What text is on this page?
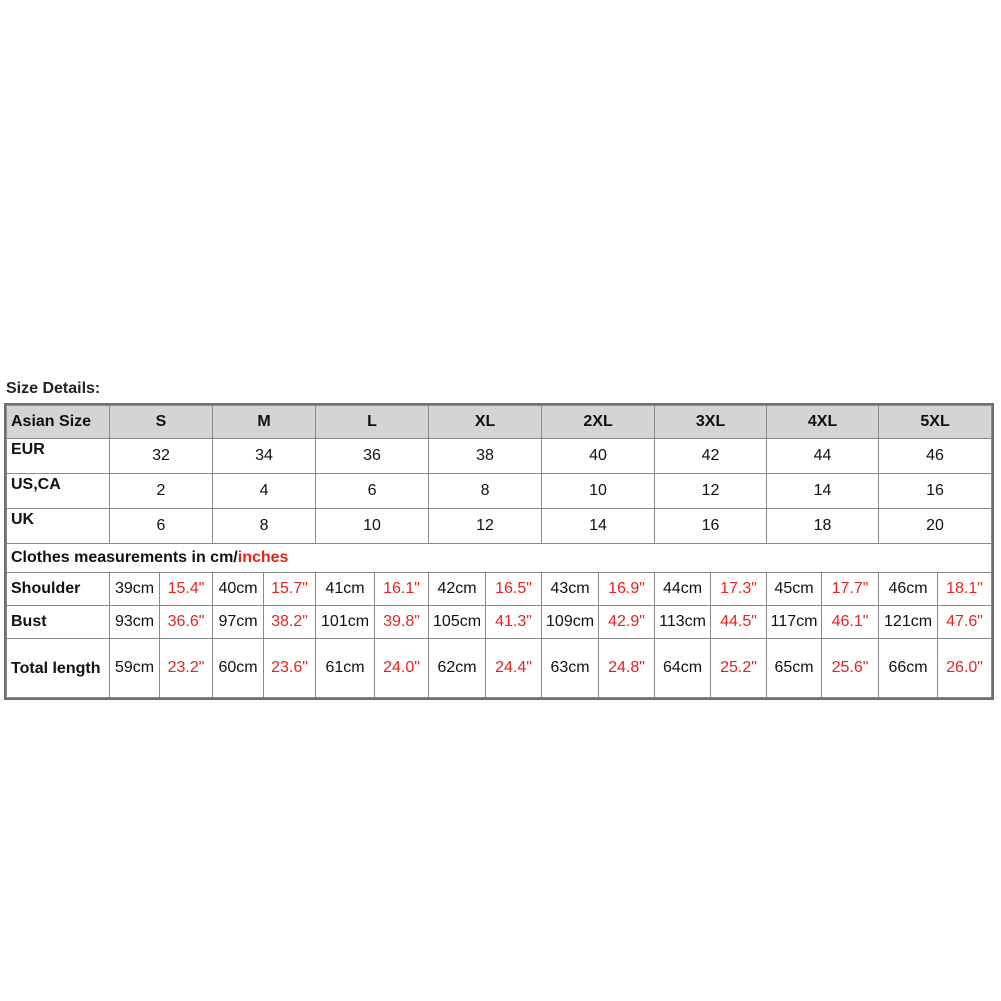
Size Details:
Asian Size	S		M		L		XL		2XL		3XL		4XL		5XL	
EUR	32		34		36		38		40		42		44		46	
US,CA	2		4		6		8		10		12		14		16	
UK	6		8		10		12		14		16		18		20	
Clothes measurements in cm/inches																
Shoulder	39cm	15.4"	40cm	15.7"	41cm	16.1"	42cm	16.5"	43cm	16.9"	44cm	17.3"	45cm	17.7"	46cm	18.1"
Bust	93cm	36.6"	97cm	38.2"	101cm	39.8"	105cm	41.3"	109cm	42.9"	113cm	44.5"	117cm	46.1"	121cm	47.6"
Total length	59cm	23.2"	60cm	23.6"	61cm	24.0"	62cm	24.4"	63cm	24.8"	64cm	25.2"	65cm	25.6"	66cm	26.0"
